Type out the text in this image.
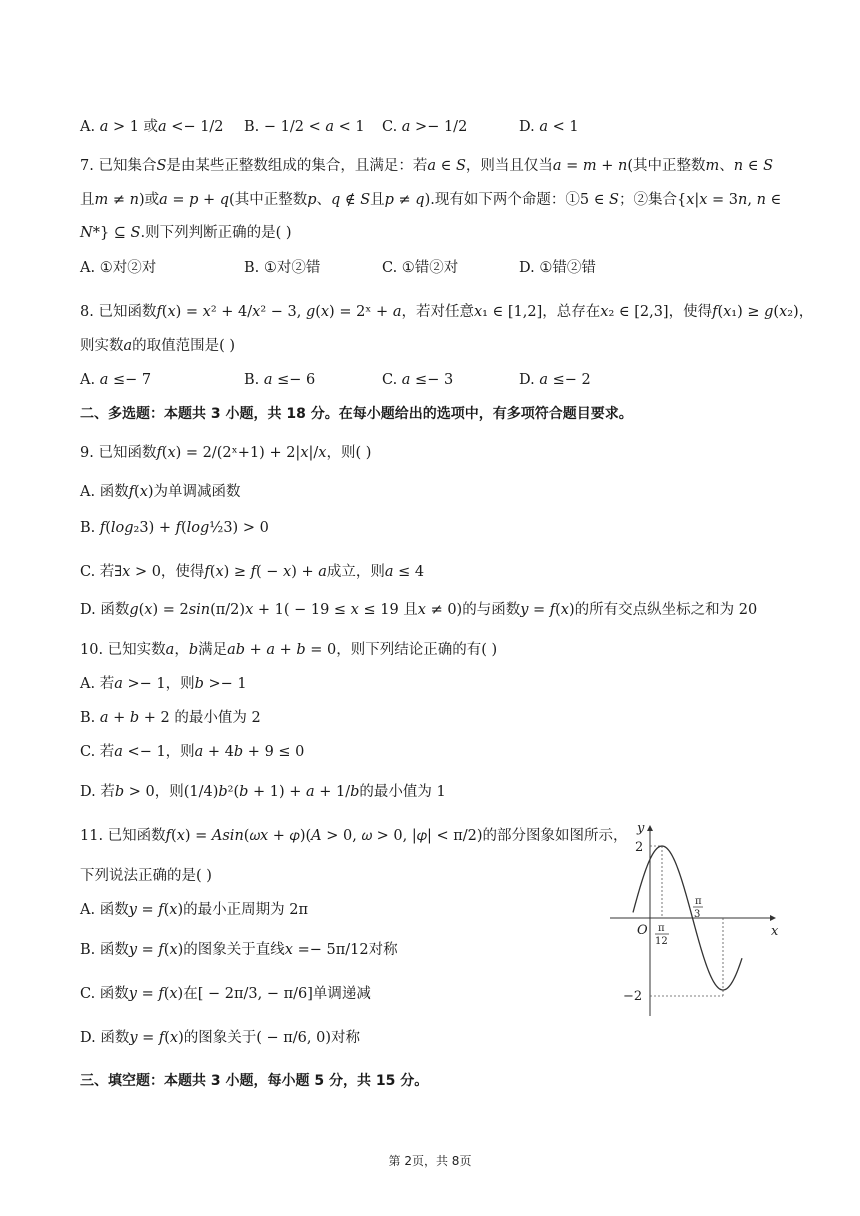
A. 𝑎 > 1 或𝑎 <− 1/2 B. − 1/2 < 𝑎 < 1 C. 𝑎 >− 1/2	D. 𝑎 < 1
7. 已知集合𝑆是由某些正整数组成的集合，且满足：若𝑎 ∈ 𝑆，则当且仅当𝑎 = 𝑚 + 𝑛(其中正整数𝑚、𝑛 ∈ 𝑆
且𝑚 ≠ 𝑛)或𝑎 = 𝑝 + 𝑞(其中正整数𝑝、𝑞 ∉ 𝑆且𝑝 ≠ 𝑞).现有如下两个命题：①5 ∈ 𝑆；②集合{𝑥|𝑥 = 3𝑛, 𝑛 ∈
𝑁*} ⊆ 𝑆.则下列判断正确的是( )
A. ①对②对	B. ①对②错	C. ①错②对	D. ①错②错
8. 已知函数𝑓(𝑥) = 𝑥² + 4/𝑥² − 3, 𝑔(𝑥) = 2ˣ + 𝑎，若对任意𝑥₁ ∈ [1,2]，总存在𝑥₂ ∈ [2,3]，使得𝑓(𝑥₁) ≥ 𝑔(𝑥₂)，
则实数𝑎的取值范围是( )
A. 𝑎 ≤− 7	B. 𝑎 ≤− 6	C. 𝑎 ≤− 3	D. 𝑎 ≤− 2
二、多选题：本题共 3 小题，共 18 分。在每小题给出的选项中，有多项符合题目要求。
9. 已知函数𝑓(𝑥) = 2/(2ˣ+1) + 2|𝑥|/𝑥，则( )
A. 函数𝑓(𝑥)为单调减函数
B. 𝑓(𝑙𝑜𝑔₂3) + 𝑓(𝑙𝑜𝑔½3) > 0
C. 若∃𝑥 > 0，使得𝑓(𝑥) ≥ 𝑓( − 𝑥) + 𝑎成立，则𝑎 ≤ 4
D. 函数𝑔(𝑥) = 2𝑠𝑖𝑛(π/2)𝑥 + 1( − 19 ≤ 𝑥 ≤ 19 且𝑥 ≠ 0)的与函数𝑦 = 𝑓(𝑥)的所有交点纵坐标之和为 20
10. 已知实数𝑎，𝑏满足𝑎𝑏 + 𝑎 + 𝑏 = 0，则下列结论正确的有( )
A. 若𝑎 >− 1，则𝑏 >− 1
B. 𝑎 + 𝑏 + 2 的最小值为 2
C. 若𝑎 <− 1，则𝑎 + 4𝑏 + 9 ≤ 0
D. 若𝑏 > 0，则(1/4)𝑏²(𝑏 + 1) + 𝑎 + 1/𝑏的最小值为 1
11. 已知函数𝑓(𝑥) = 𝐴𝑠𝑖𝑛(𝜔𝑥 + 𝜑)(𝐴 > 0, 𝜔 > 0, |𝜑| < π/2)的部分图象如图所示，
下列说法正确的是( )
A. 函数𝑦 = 𝑓(𝑥)的最小正周期为 2π
B. 函数𝑦 = 𝑓(𝑥)的图象关于直线𝑥 =− 5π/12对称
C. 函数𝑦 = 𝑓(𝑥)在[ − 2π/3, − π/6]单调递减
D. 函数𝑦 = 𝑓(𝑥)的图象关于( − π/6, 0)对称
y
x
O
2
−2
π
12
π
3
三、填空题：本题共 3 小题，每小题 5 分，共 15 分。
第 2页，共 8页
